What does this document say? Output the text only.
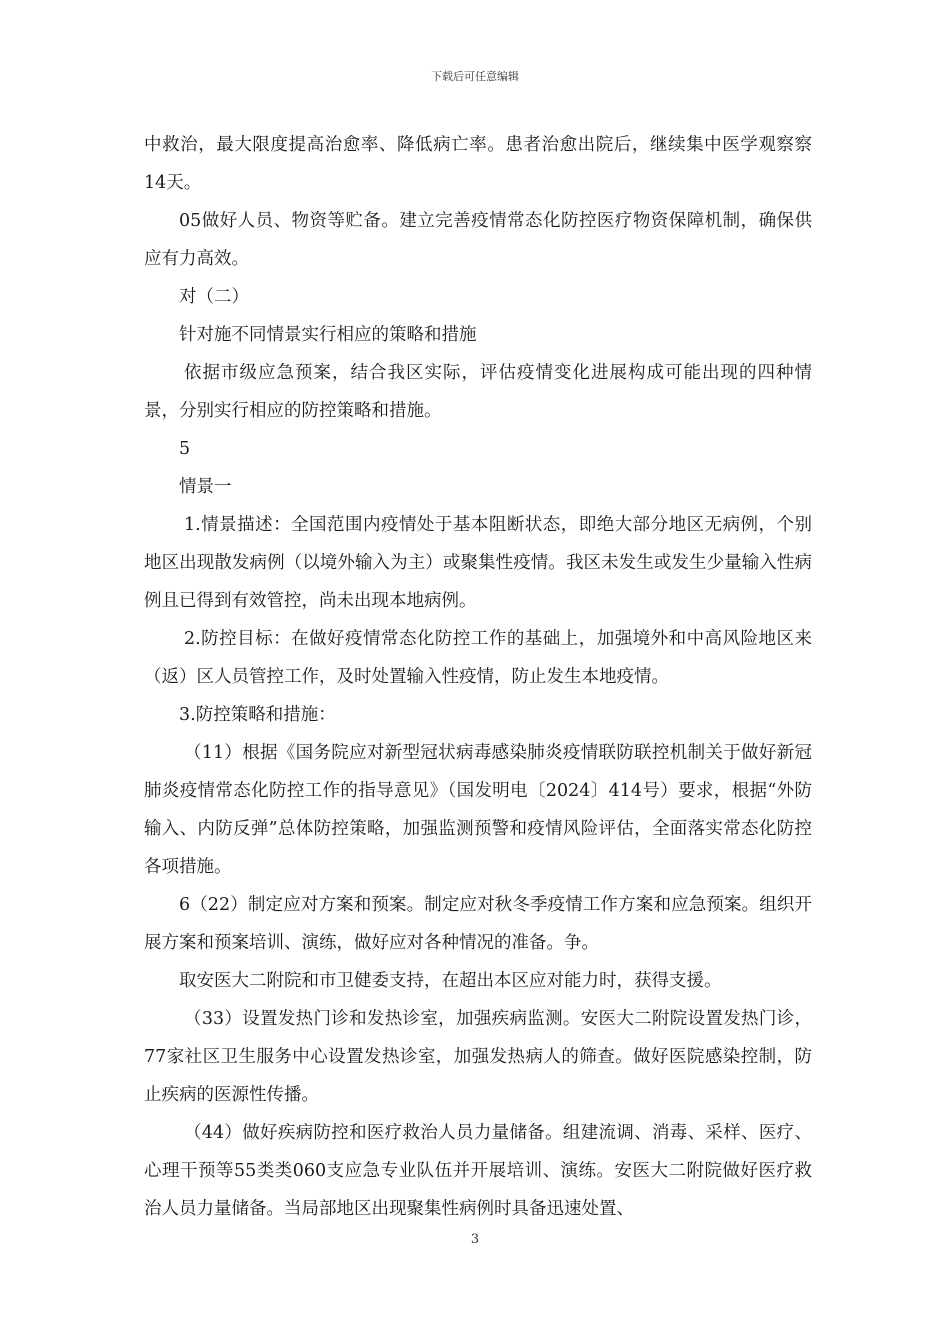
下载后可任意编辑

中救治，最大限度提高治愈率、降低病亡率。患者治愈出院后，继续集中医学观察察14天。

05做好人员、物资等贮备。建立完善疫情常态化防控医疗物资保障机制，确保供应有力高效。

对（二）

针对施不同情景实行相应的策略和措施

依据市级应急预案，结合我区实际，评估疫情变化进展构成可能出现的四种情景，分别实行相应的防控策略和措施。

5

情景一

1.情景描述：全国范围内疫情处于基本阻断状态，即绝大部分地区无病例，个别地区出现散发病例（以境外输入为主）或聚集性疫情。我区未发生或发生少量输入性病例且已得到有效管控，尚未出现本地病例。

2.防控目标：在做好疫情常态化防控工作的基础上，加强境外和中高风险地区来（返）区人员管控工作，及时处置输入性疫情，防止发生本地疫情。

3.防控策略和措施：

（11）根据《国务院应对新型冠状病毒感染肺炎疫情联防联控机制关于做好新冠肺炎疫情常态化防控工作的指导意见》（国发明电〔2024〕414号）要求，根据“外防输入、内防反弹”总体防控策略，加强监测预警和疫情风险评估，全面落实常态化防控各项措施。

6（22）制定应对方案和预案。制定应对秋冬季疫情工作方案和应急预案。组织开展方案和预案培训、演练，做好应对各种情况的准备。争。

取安医大二附院和市卫健委支持，在超出本区应对能力时，获得支援。

（33）设置发热门诊和发热诊室，加强疾病监测。安医大二附院设置发热门诊，77家社区卫生服务中心设置发热诊室，加强发热病人的筛查。做好医院感染控制，防止疾病的医源性传播。

（44）做好疾病防控和医疗救治人员力量储备。组建流调、消毒、采样、医疗、心理干预等55类类060支应急专业队伍并开展培训、演练。安医大二附院做好医疗救治人员力量储备。当局部地区出现聚集性病例时具备迅速处置、

3
